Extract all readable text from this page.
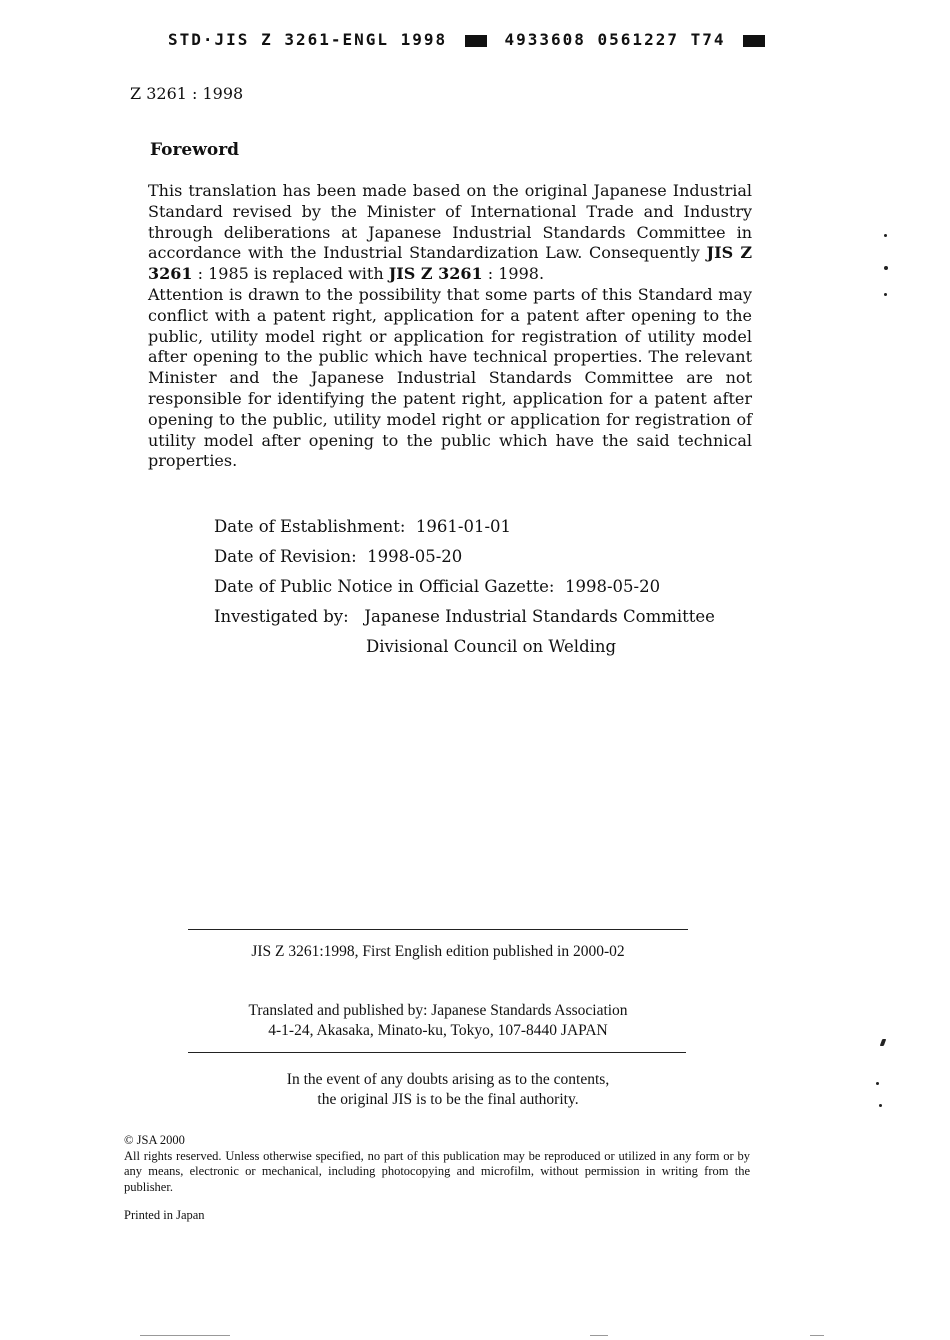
STD·JIS Z 3261-ENGL 1998	4933608 0561227 T74
Z 3261 : 1998
Foreword

This translation has been made based on the original Japanese Industrial Standard revised by the Minister of International Trade and Industry through deliberations at Japanese Industrial Standards Committee in accordance with the Industrial Standardization Law. Consequently JIS Z 3261 : 1985 is replaced with JIS Z 3261 : 1998.

Attention is drawn to the possibility that some parts of this Standard may conflict with a patent right, application for a patent after opening to the public, utility model right or application for registration of utility model after opening to the public which have technical properties. The relevant Minister and the Japanese Industrial Standards Committee are not responsible for identifying the patent right, application for a patent after opening to the public, utility model right or application for registration of utility model after opening to the public which have the said technical properties.

Date of Establishment:  1961-01-01
Date of Revision:  1998-05-20
Date of Public Notice in Official Gazette:  1998-05-20
Investigated by:   Japanese Industrial Standards Committee
Divisional Council on Welding
JIS Z 3261:1998, First English edition published in 2000-02
Translated and published by: Japanese Standards Association
4-1-24, Akasaka, Minato-ku, Tokyo, 107-8440 JAPAN
In the event of any doubts arising as to the contents,
the original JIS is to be the final authority.
© JSA 2000
All rights reserved. Unless otherwise specified, no part of this publication may be reproduced or utilized in any form or by any means, electronic or mechanical, including photocopying and microfilm, without permission in writing from the publisher.
Printed in Japan
